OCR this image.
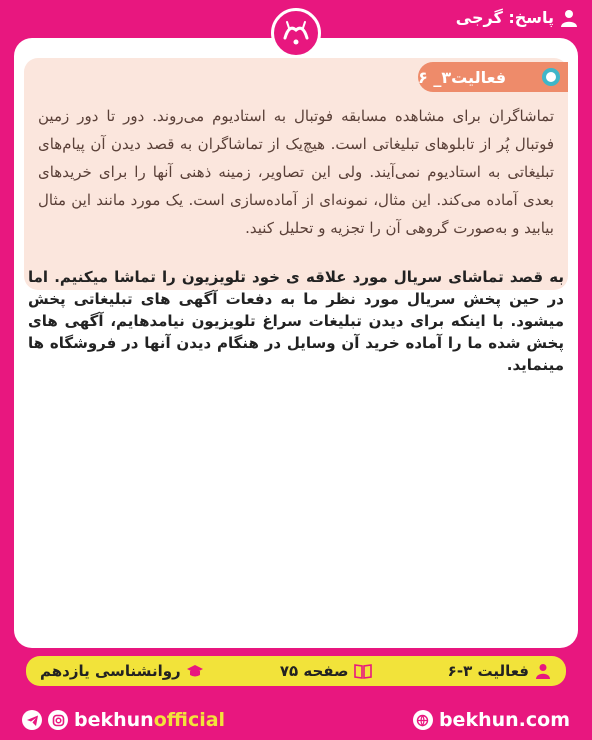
پاسخ: گرجی
فعالیت۳_ ۶
تماشاگران برای مشاهده مسابقه فوتبال به استادیوم می‌روند. دور تا دور زمین فوتبال پُر از تابلوهای تبلیغاتی است. هیچ‌یک از تماشاگران به قصد دیدن آن پیام‌های تبلیغاتی به استادیوم نمی‌آیند. ولی این تصاویر، زمینه ذهنی آنها را برای خریدهای بعدی آماده می‌کند. این مثال، نمونه‌ای از آماده‌سازی است. یک مورد مانند این مثال بیابید و به‌صورت گروهی آن را تجزیه و تحلیل کنید.
به قصد تماشای سریال مورد علاقه ی خود تلویزیون را تماشا میکنیم. اما در حین پخش سریال مورد نظر ما به دفعات آگهی های تبلیغاتی پخش میشود. با اینکه برای دیدن تبلیغات سراغ تلویزیون نیامدهایم، آگهی های پخش شده ما را آماده خرید آن وسایل در هنگام دیدن آنها در فروشگاه ها مینماید.
فعالیت ۳-۶
صفحه ۷۵
روانشناسی یازدهم
bekhunofficial	bekhun.com
